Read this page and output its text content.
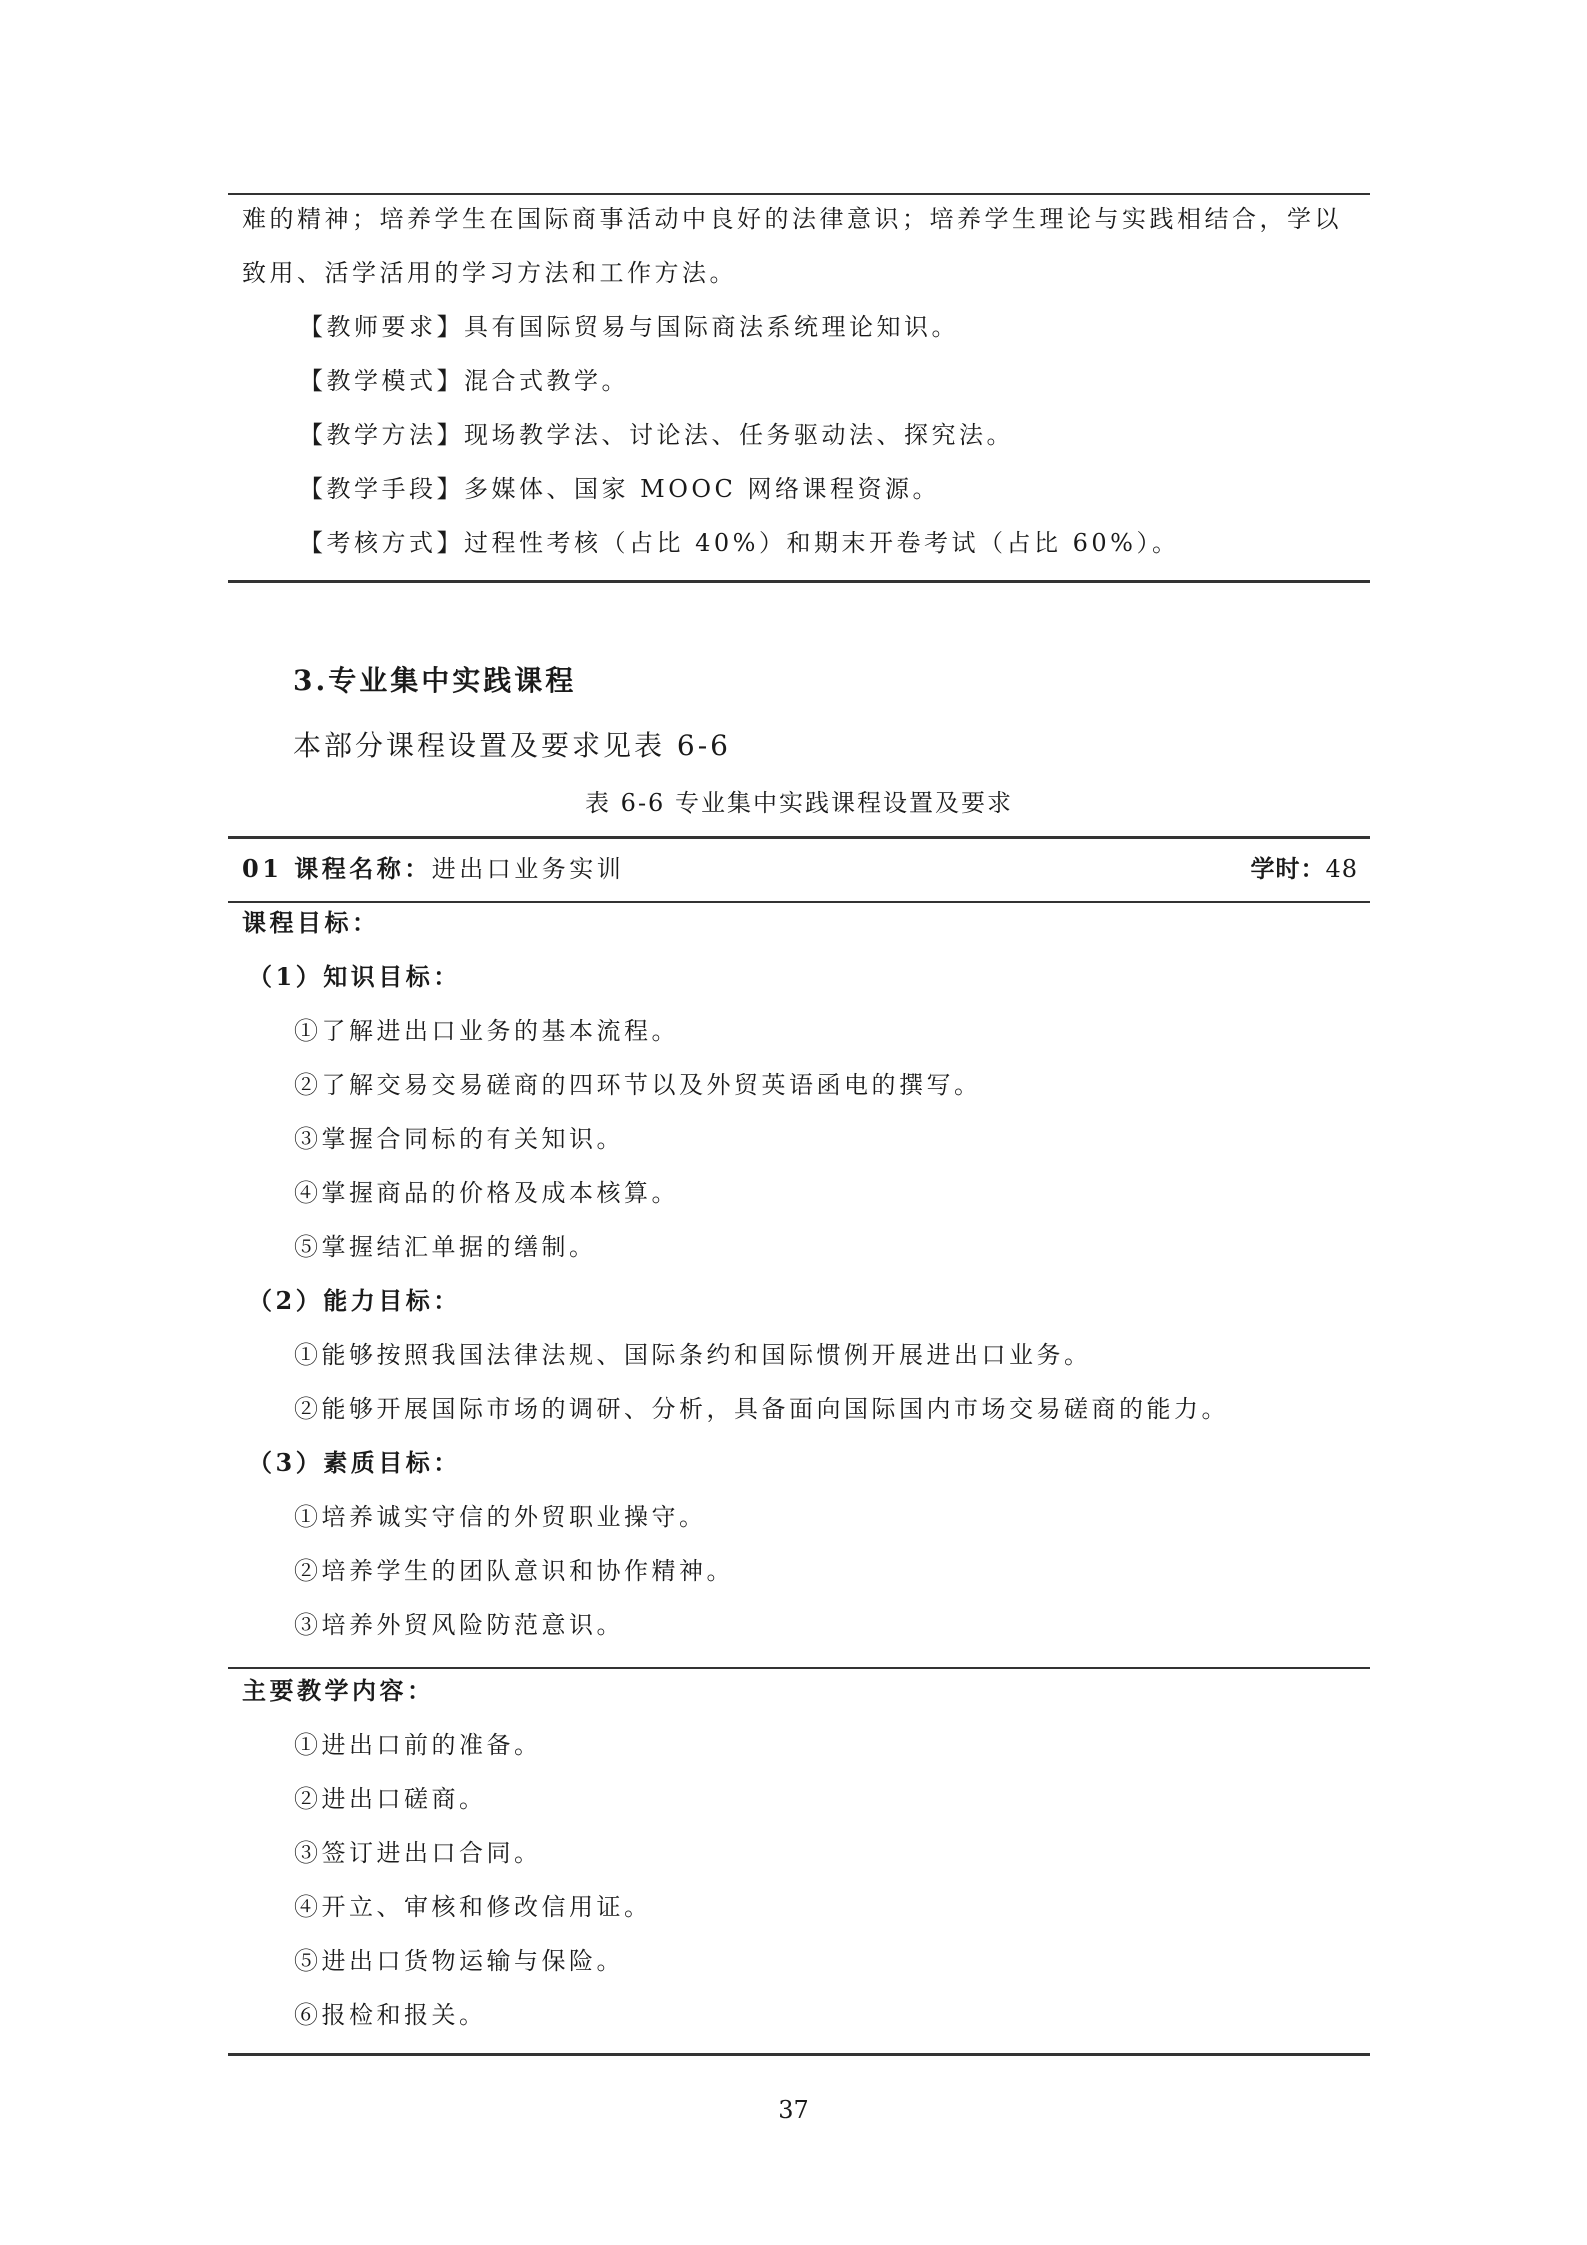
难的精神；培养学生在国际商事活动中良好的法律意识；培养学生理论与实践相结合，学以
致用、活学活用的学习方法和工作方法。
【教师要求】具有国际贸易与国际商法系统理论知识。
【教学模式】混合式教学。
【教学方法】现场教学法、讨论法、任务驱动法、探究法。
【教学手段】多媒体、国家 MOOC 网络课程资源。
【考核方式】过程性考核（占比 40%）和期末开卷考试（占比 60%）。
3.专业集中实践课程
本部分课程设置及要求见表 6-6
表 6-6 专业集中实践课程设置及要求
01 课程名称：进出口业务实训	学时：48
课程目标：
（1）知识目标：
①了解进出口业务的基本流程。
②了解交易交易磋商的四环节以及外贸英语函电的撰写。
③掌握合同标的有关知识。
④掌握商品的价格及成本核算。
⑤掌握结汇单据的缮制。
（2）能力目标：
①能够按照我国法律法规、国际条约和国际惯例开展进出口业务。
②能够开展国际市场的调研、分析，具备面向国际国内市场交易磋商的能力。
（3）素质目标：
①培养诚实守信的外贸职业操守。
②培养学生的团队意识和协作精神。
③培养外贸风险防范意识。
主要教学内容：
①进出口前的准备。
②进出口磋商。
③签订进出口合同。
④开立、审核和修改信用证。
⑤进出口货物运输与保险。
⑥报检和报关。
37
